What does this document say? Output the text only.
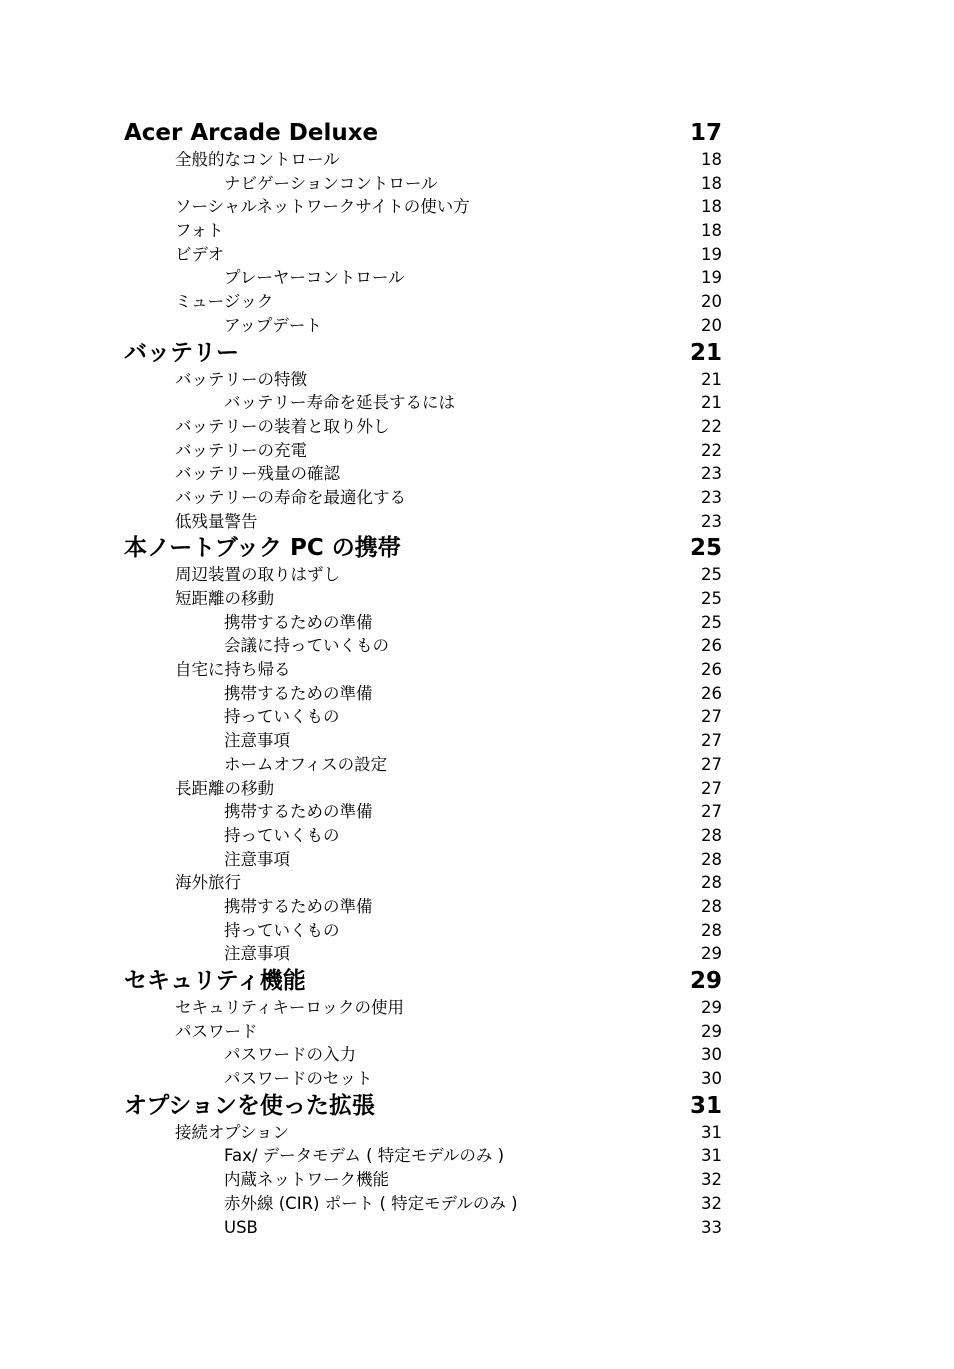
Acer Arcade Deluxe	17
全般的なコントロール	18
ナビゲーションコントロール	18
ソーシャルネットワークサイトの使い方	18
フォト	18
ビデオ	19
プレーヤーコントロール	19
ミュージック	20
アップデート	20
バッテリー	21
バッテリーの特徴	21
バッテリー寿命を延長するには	21
バッテリーの装着と取り外し	22
バッテリーの充電	22
バッテリー残量の確認	23
バッテリーの寿命を最適化する	23
低残量警告	23
本ノートブック PC の携帯	25
周辺装置の取りはずし	25
短距離の移動	25
携帯するための準備	25
会議に持っていくもの	26
自宅に持ち帰る	26
携帯するための準備	26
持っていくもの	27
注意事項	27
ホームオフィスの設定	27
長距離の移動	27
携帯するための準備	27
持っていくもの	28
注意事項	28
海外旅行	28
携帯するための準備	28
持っていくもの	28
注意事項	29
セキュリティ機能	29
セキュリティキーロックの使用	29
パスワード	29
パスワードの入力	30
パスワードのセット	30
オプションを使った拡張	31
接続オプション	31
Fax/ データモデム ( 特定モデルのみ )	31
内蔵ネットワーク機能	32
赤外線 (CIR) ポート ( 特定モデルのみ )	32
USB	33
